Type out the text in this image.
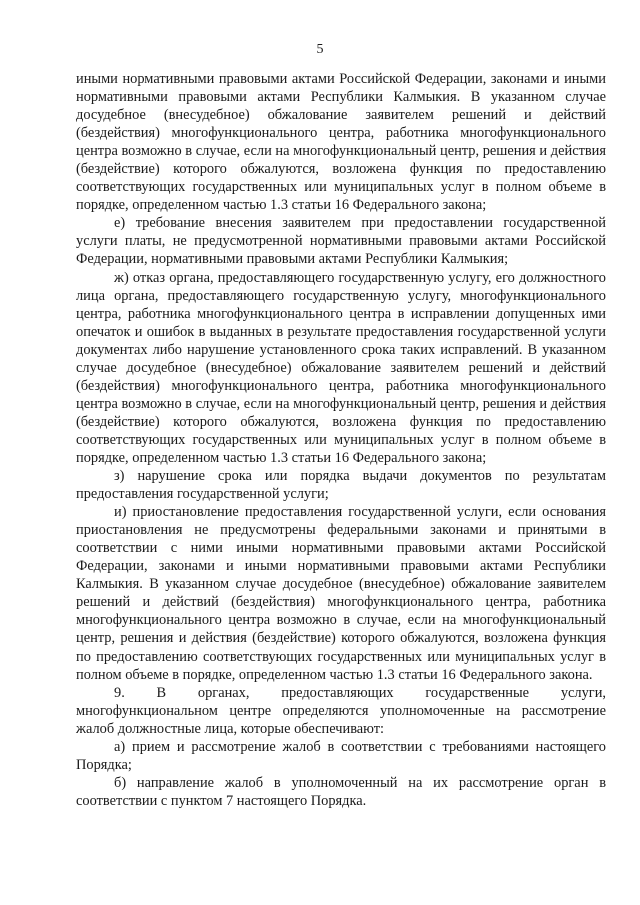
5

иными нормативными правовыми актами Российской Федерации, законами и иными нормативными правовыми актами Республики Калмыкия. В указанном случае досудебное (внесудебное) обжалование заявителем решений и действий (бездействия) многофункционального центра, работника многофункционального центра возможно в случае, если на многофункциональный центр, решения и действия (бездействие) которого обжалуются, возложена функция по предоставлению соответствующих государственных или муниципальных услуг в полном объеме в порядке, определенном частью 1.3 статьи 16 Федерального закона;

е) требование внесения заявителем при предоставлении государственной услуги платы, не предусмотренной нормативными правовыми актами Российской Федерации, нормативными правовыми актами Республики Калмыкия;

ж) отказ органа, предоставляющего государственную услугу, его должностного лица органа, предоставляющего государственную услугу, многофункционального центра, работника многофункционального центра в исправлении допущенных ими опечаток и ошибок в выданных в результате предоставления государственной услуги документах либо нарушение установленного срока таких исправлений. В указанном случае досудебное (внесудебное) обжалование заявителем решений и действий (бездействия) многофункционального центра, работника многофункционального центра возможно в случае, если на многофункциональный центр, решения и действия (бездействие) которого обжалуются, возложена функция по предоставлению соответствующих государственных или муниципальных услуг в полном объеме в порядке, определенном частью 1.3 статьи 16 Федерального закона;

з) нарушение срока или порядка выдачи документов по результатам предоставления государственной услуги;

и) приостановление предоставления государственной услуги, если основания приостановления не предусмотрены федеральными законами и принятыми в соответствии с ними иными нормативными правовыми актами Российской Федерации, законами и иными нормативными правовыми актами Республики Калмыкия. В указанном случае досудебное (внесудебное) обжалование заявителем решений и действий (бездействия) многофункционального центра, работника многофункционального центра возможно в случае, если на многофункциональный центр, решения и действия (бездействие) которого обжалуются, возложена функция по предоставлению соответствующих государственных или муниципальных услуг в полном объеме в порядке, определенном частью 1.3 статьи 16 Федерального закона.

9. В органах, предоставляющих государственные услуги, многофункциональном центре определяются уполномоченные на рассмотрение жалоб должностные лица, которые обеспечивают:

а) прием и рассмотрение жалоб в соответствии с требованиями настоящего Порядка;

б) направление жалоб в уполномоченный на их рассмотрение орган в соответствии с пунктом 7 настоящего Порядка.
